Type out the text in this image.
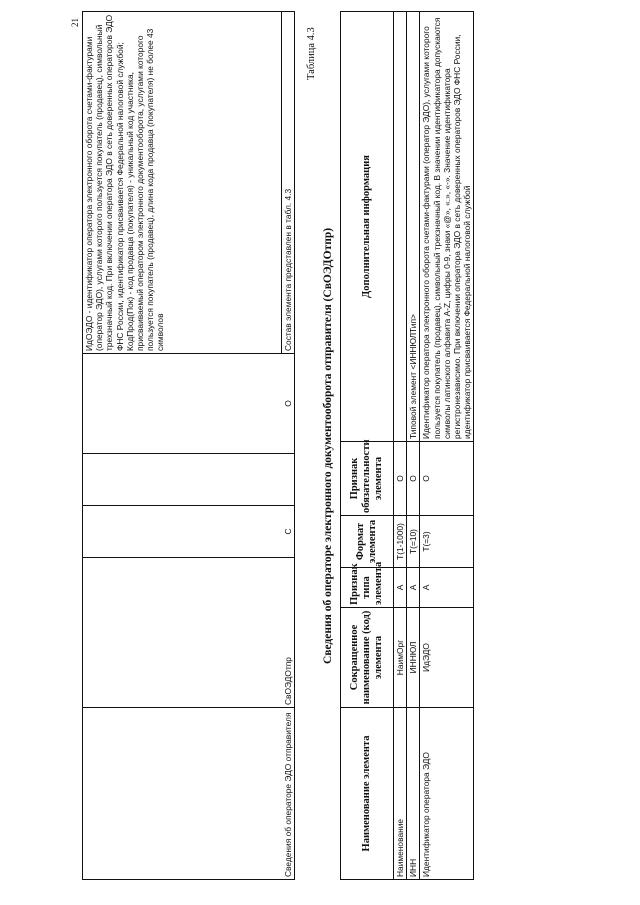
21
Сведения об операторе ЭДО отправителя	СвОЭДОтпр	С		О	ИдОЭДО - идентификатор оператора электронного оборота счетами-фактурами (оператор ЭДО), услугами которого пользуется покупатель (продавец), символьный трехзначный код. При включении оператора ЭДО в сеть доверенных операторов ЭДО ФНС России, идентификатор присваивается Федеральной налоговой службой; КодПрод(Пок) - код продавца (покупателя) - уникальный код участника, присваиваемый оператором электронного документооборота, услугами которого пользуется покупатель (продавец), длина кода продавца (покупателя) не более 43 символов
Состав элемента представлен в табл. 4.3
Таблица 4.3
Сведения об операторе электронного документооборота отправителя (СвОЭДОтпр)
Наименование элемента	Сокращенное наименование (код) элемента	Признак типа элемента	Формат элемента	Признак обязательности элемента	Дополнительная информация
Наименование	НаимОрг	А	T(1-1000)	О	
ИНН	ИННЮЛ	А	T(=10)	О	Типовой элемент <ИННЮЛТип>
Идентификатор оператора ЭДО	ИдЭДО	А	T(=3)	О	Идентификатор оператора электронного оборота счетами-фактурами (оператор ЭДО), услугами которого пользуется покупатель (продавец), символьный трехзначный код. В значении идентификатора допускаются символы латинского алфавита A-Z, цифры 0-9, знаки «@», «.», «-». Значение идентификатора регистронезависимо. При включении оператора ЭДО в сеть доверенных операторов ЭДО ФНС России, идентификатор присваивается Федеральной налоговой службой
